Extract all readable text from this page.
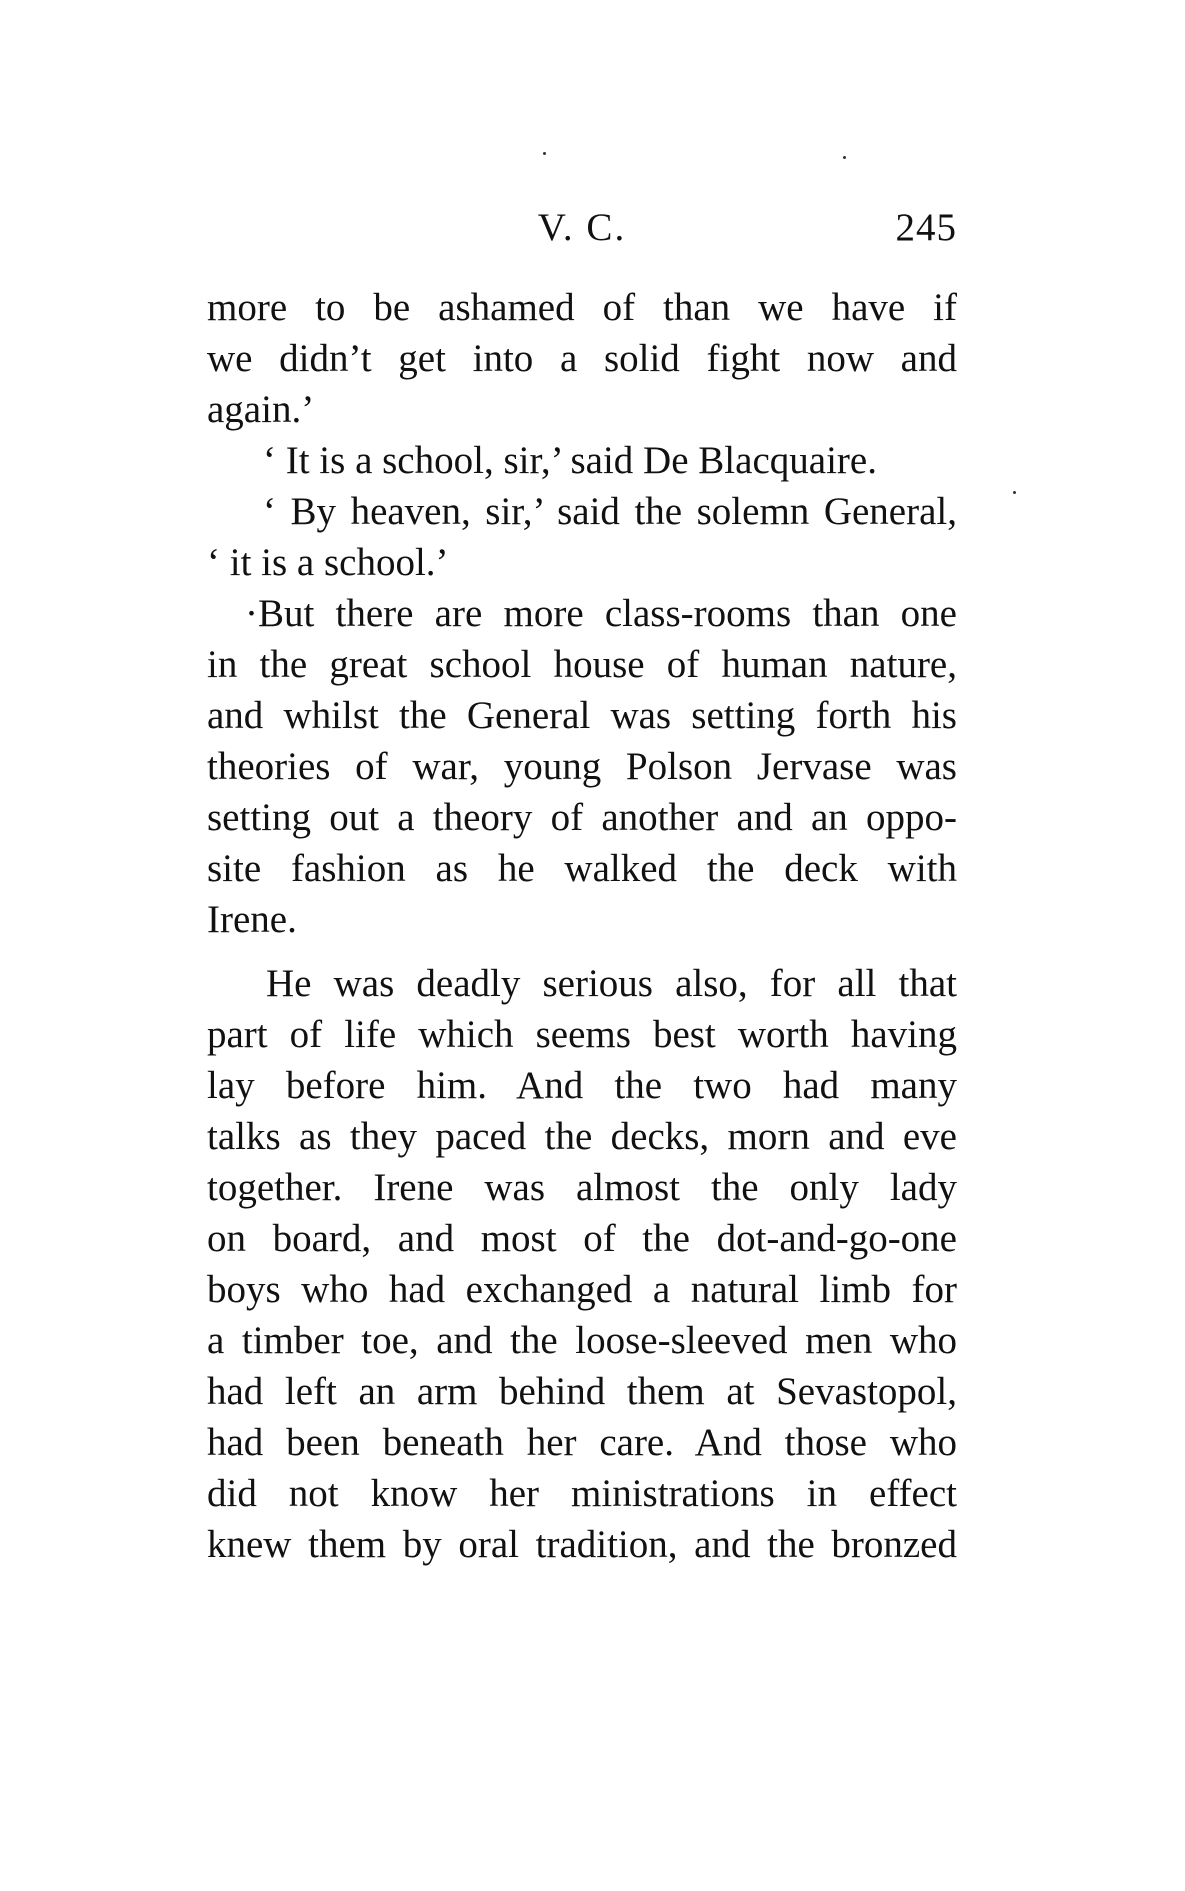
V. C.	245
more to be ashamed of than we have if
we didn’t get into a solid fight now and
again.’
‘ It is a school, sir,’ said De Blacquaire.
‘ By heaven, sir,’ said the solemn General,
‘ it is a school.’
·But there are more class-rooms than one
in the great school house of human nature,
and whilst the General was setting forth his
theories of war, young Polson Jervase was
setting out a theory of another and an oppo-
site fashion as he walked the deck with
Irene.
He was deadly serious also, for all that
part of life which seems best worth having
lay before him. And the two had many
talks as they paced the decks, morn and eve
together. Irene was almost the only lady
on board, and most of the dot-and-go-one
boys who had exchanged a natural limb for
a timber toe, and the loose-sleeved men who
had left an arm behind them at Sevastopol,
had been beneath her care. And those who
did not know her ministrations in effect
knew them by oral tradition, and the bronzed
